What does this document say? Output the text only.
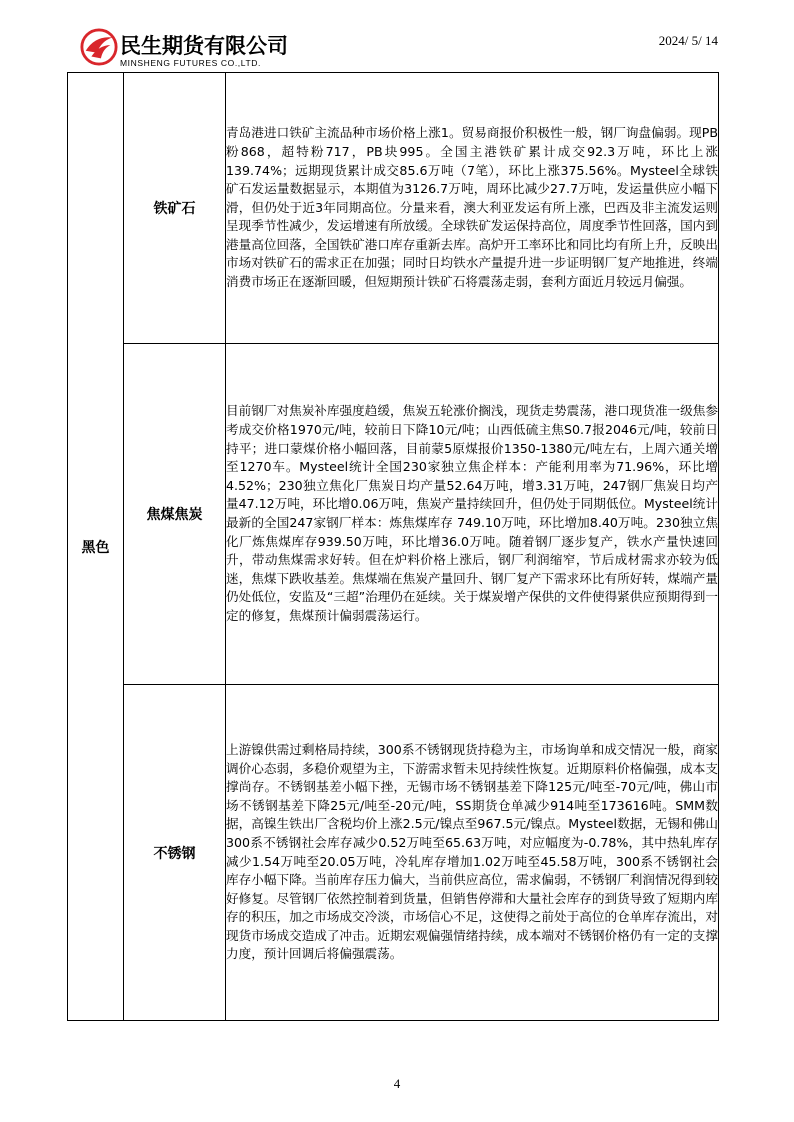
民生期货有限公司
MINSHENG FUTURES CO.,LTD.
2024/ 5/ 14
黑色	铁矿石	青岛港进口铁矿主流品种市场价格上涨1。贸易商报价积极性一般，钢厂询盘偏弱。现PB粉868，超特粉717，PB块995。全国主港铁矿累计成交92.3万吨，环比上涨139.74%；远期现货累计成交85.6万吨（7笔），环比上涨375.56%。Mysteel全球铁矿石发运量数据显示，本期值为3126.7万吨，周环比减少27.7万吨，发运量供应小幅下滑，但仍处于近3年同期高位。分量来看，澳大利亚发运有所上涨，巴西及非主流发运则呈现季节性减少，发运增速有所放缓。全球铁矿发运保持高位，周度季节性回落，国内到港量高位回落，全国铁矿港口库存重新去库。高炉开工率环比和同比均有所上升，反映出市场对铁矿石的需求正在加强；同时日均铁水产量提升进一步证明钢厂复产地推进，终端消费市场正在逐渐回暖，但短期预计铁矿石将震荡走弱，套利方面近月较远月偏强。
	焦煤焦炭	目前钢厂对焦炭补库强度趋缓，焦炭五轮涨价搁浅，现货走势震荡，港口现货准一级焦参考成交价格1970元/吨，较前日下降10元/吨；山西低硫主焦S0.7报2046元/吨，较前日持平；进口蒙煤价格小幅回落，目前蒙5原煤报价1350-1380元/吨左右，上周六通关增至1270车。Mysteel统计全国230家独立焦企样本：产能利用率为71.96%，环比增4.52%；230独立焦化厂焦炭日均产量52.64万吨，增3.31万吨，247钢厂焦炭日均产量47.12万吨，环比增0.06万吨，焦炭产量持续回升，但仍处于同期低位。Mysteel统计最新的全国247家钢厂样本：炼焦煤库存 749.10万吨，环比增加8.40万吨。230独立焦化厂炼焦煤库存939.50万吨，环比增36.0万吨。随着钢厂逐步复产，铁水产量快速回升，带动焦煤需求好转。但在炉料价格上涨后，钢厂利润缩窄，节后成材需求亦较为低迷，焦煤下跌收基差。焦煤端在焦炭产量回升、钢厂复产下需求环比有所好转，煤端产量仍处低位，安监及“三超”治理仍在延续。关于煤炭增产保供的文件使得紧供应预期得到一定的修复，焦煤预计偏弱震荡运行。
	不锈钢	上游镍供需过剩格局持续，300系不锈钢现货持稳为主，市场询单和成交情况一般，商家调价心态弱，多稳价观望为主，下游需求暂未见持续性恢复。近期原料价格偏强，成本支撑尚存。不锈钢基差小幅下挫，无锡市场不锈钢基差下降125元/吨至-70元/吨，佛山市场不锈钢基差下降25元/吨至-20元/吨，SS期货仓单减少914吨至173616吨。SMM数据，高镍生铁出厂含税均价上涨2.5元/镍点至967.5元/镍点。Mysteel数据，无锡和佛山300系不锈钢社会库存减少0.52万吨至65.63万吨，对应幅度为-0.78%，其中热轧库存减少1.54万吨至20.05万吨，冷轧库存增加1.02万吨至45.58万吨，300系不锈钢社会库存小幅下降。当前库存压力偏大，当前供应高位，需求偏弱，不锈钢厂利润情况得到较好修复。尽管钢厂依然控制着到货量，但销售停滞和大量社会库存的到货导致了短期内库存的积压，加之市场成交冷淡，市场信心不足，这使得之前处于高位的仓单库存流出，对现货市场成交造成了冲击。近期宏观偏强情绪持续，成本端对不锈钢价格仍有一定的支撑力度，预计回调后将偏强震荡。
4
